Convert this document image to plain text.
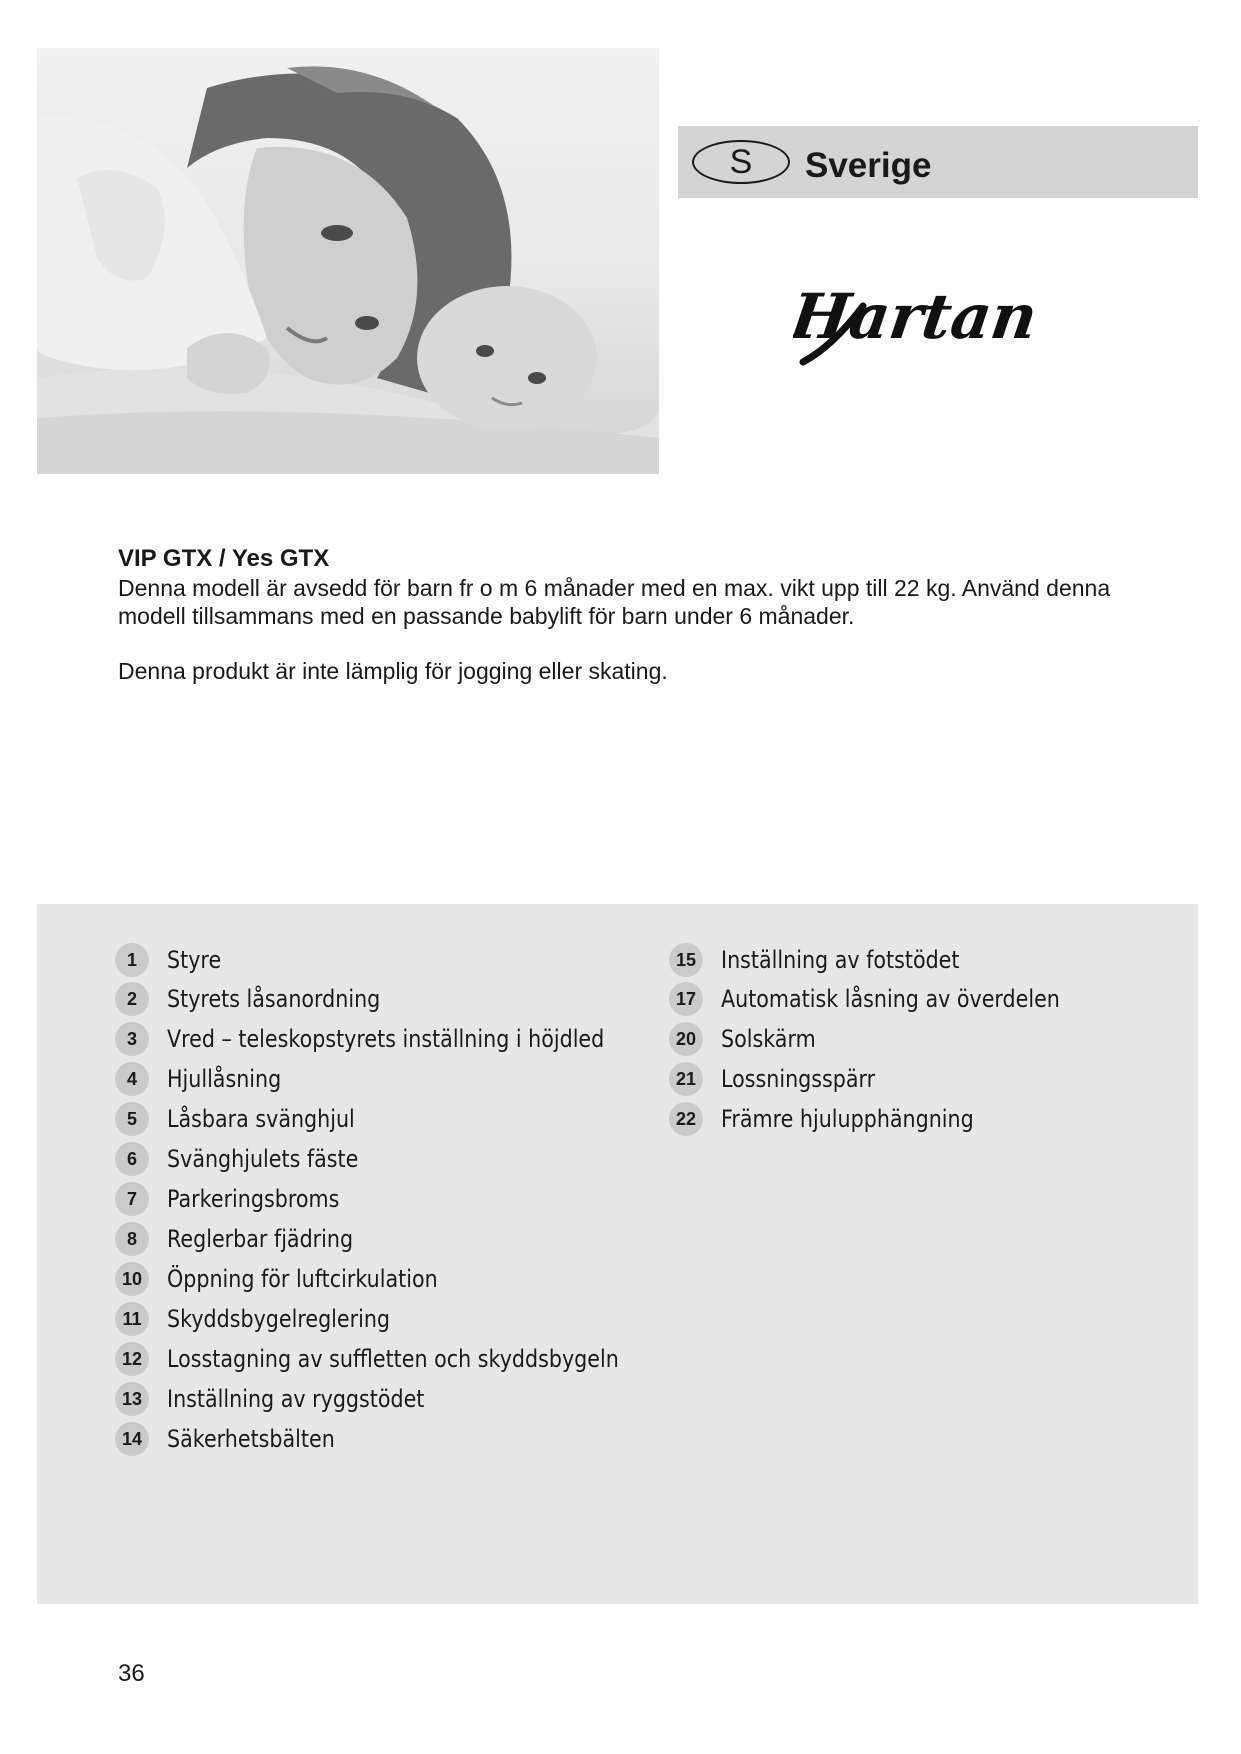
S	Sverige
Hartan
VIP GTX / Yes GTX
Denna modell är avsedd för barn fr o m 6 månader med en max. vikt upp till 22 kg. Använd denna modell tillsammans med en passande babylift för barn under 6 månader.
Denna produkt är inte lämplig för jogging eller skating.
1	Styre
2	Styrets låsanordning
3	Vred – teleskopstyrets inställning i höjdled
4	Hjullåsning
5	Låsbara svänghjul
6	Svänghjulets fäste
7	Parkeringsbroms
8	Reglerbar fjädring
10 Öppning för luftcirkulation
11	Skyddsbygelreglering
12 Losstagning av suffletten och skyddsbygeln
13 Inställning av ryggstödet
14 Säkerhetsbälten
15 Inställning av fotstödet
17 Automatisk låsning av överdelen
20 Solskärm
21 Lossningsspärr
22 Främre hjulupphängning
36
